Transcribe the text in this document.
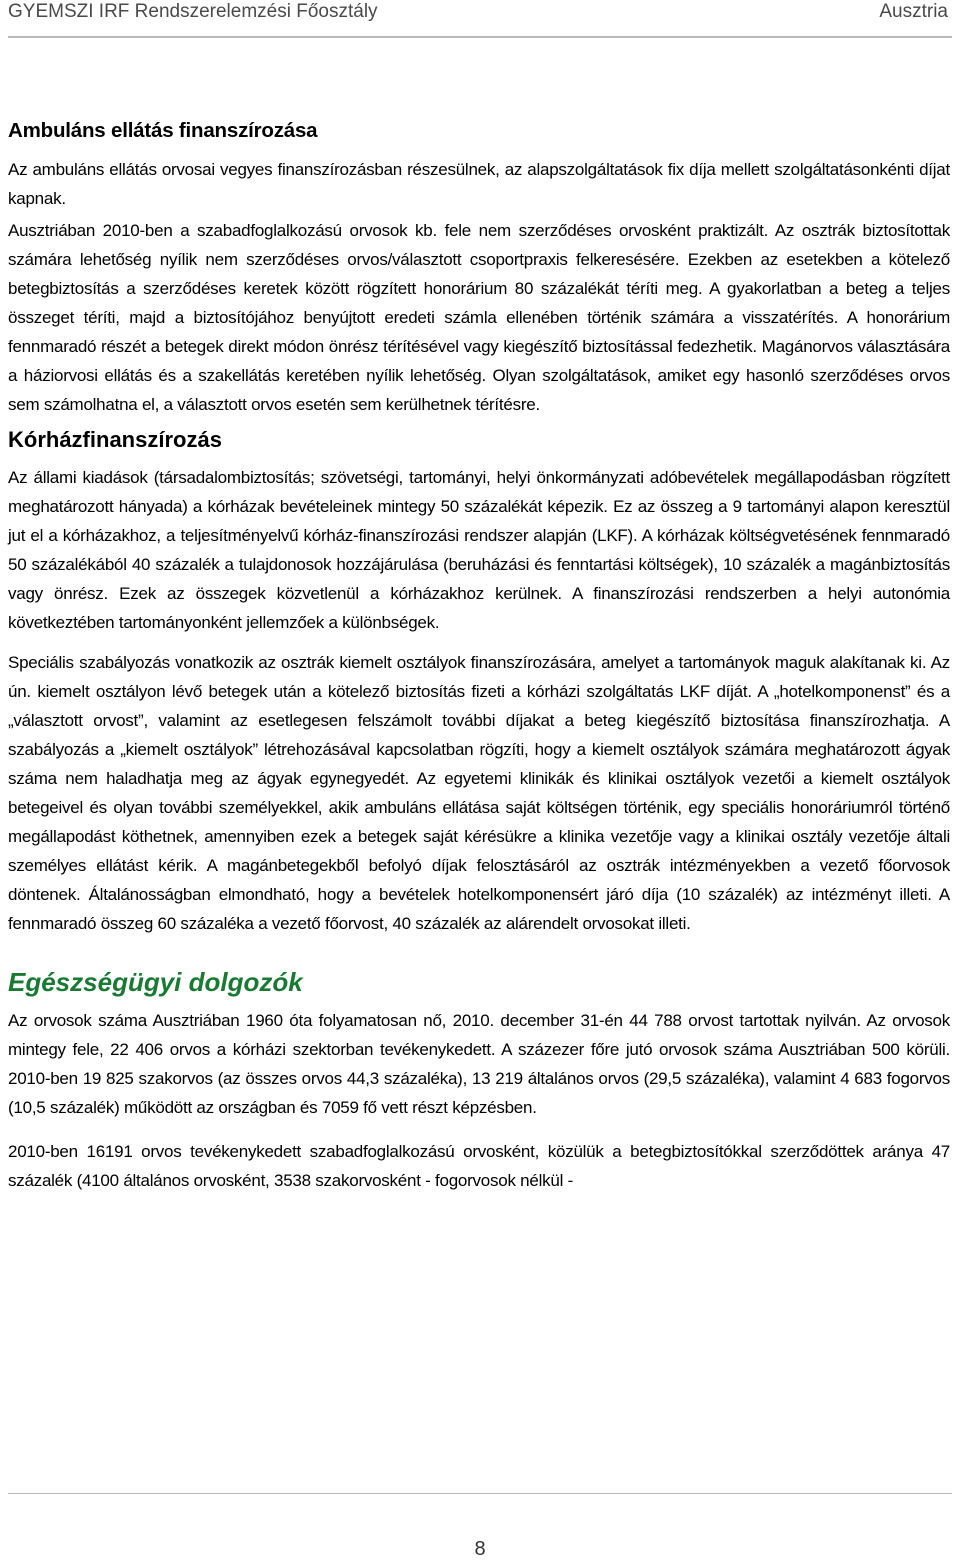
GYEMSZI IRF Rendszerelemzési Főosztály	Ausztria
Ambuláns ellátás finanszírozása

Az ambuláns ellátás orvosai vegyes finanszírozásban részesülnek, az alapszolgáltatások fix díja mellett szolgáltatásonkénti díjat kapnak.

Ausztriában 2010-ben a szabadfoglalkozású orvosok kb. fele nem szerződéses orvosként praktizált. Az osztrák biztosítottak számára lehetőség nyílik nem szerződéses orvos/választott csoportpraxis felkeresésére. Ezekben az esetekben a kötelező betegbiztosítás a szerződéses keretek között rögzített honorárium 80 százalékát téríti meg. A gyakorlatban a beteg a teljes összeget téríti, majd a biztosítójához benyújtott eredeti számla ellenében történik számára a visszatérítés. A honorárium fennmaradó részét a betegek direkt módon önrész térítésével vagy kiegészítő biztosítással fedezhetik. Magánorvos választására a háziorvosi ellátás és a szakellátás keretében nyílik lehetőség. Olyan szolgáltatások, amiket egy hasonló szerződéses orvos sem számolhatna el, a választott orvos esetén sem kerülhetnek térítésre.

Kórházfinanszírozás

Az állami kiadások (társadalombiztosítás; szövetségi, tartományi, helyi önkormányzati adóbevételek megállapodásban rögzített meghatározott hányada) a kórházak bevételeinek mintegy 50 százalékát képezik. Ez az összeg a 9 tartományi alapon keresztül jut el a kórházakhoz, a teljesítményelvű kórház-finanszírozási rendszer alapján (LKF). A kórházak költségvetésének fennmaradó 50 százalékából 40 százalék a tulajdonosok hozzájárulása (beruházási és fenntartási költségek), 10 százalék a magánbiztosítás vagy önrész. Ezek az összegek közvetlenül a kórházakhoz kerülnek. A finanszírozási rendszerben a helyi autonómia következtében tartományonként jellemzőek a különbségek.

Speciális szabályozás vonatkozik az osztrák kiemelt osztályok finanszírozására, amelyet a tartományok maguk alakítanak ki. Az ún. kiemelt osztályon lévő betegek után a kötelező biztosítás fizeti a kórházi szolgáltatás LKF díját. A „hotelkomponenst” és a „választott orvost”, valamint az esetlegesen felszámolt további díjakat a beteg kiegészítő biztosítása finanszírozhatja. A szabályozás a „kiemelt osztályok” létrehozásával kapcsolatban rögzíti, hogy a kiemelt osztályok számára meghatározott ágyak száma nem haladhatja meg az ágyak egynegyedét. Az egyetemi klinikák és klinikai osztályok vezetői a kiemelt osztályok betegeivel és olyan további személyekkel, akik ambuláns ellátása saját költségen történik, egy speciális honoráriumról történő megállapodást köthetnek, amennyiben ezek a betegek saját kérésükre a klinika vezetője vagy a klinikai osztály vezetője általi személyes ellátást kérik. A magánbetegekből befolyó díjak felosztásáról az osztrák intézményekben a vezető főorvosok döntenek. Általánosságban elmondható, hogy a bevételek hotelkomponensért járó díja (10 százalék) az intézményt illeti. A fennmaradó összeg 60 százaléka a vezető főorvost, 40 százalék az alárendelt orvosokat illeti.

Egészségügyi dolgozók

Az orvosok száma Ausztriában 1960 óta folyamatosan nő, 2010. december 31-én 44 788 orvost tartottak nyilván. Az orvosok mintegy fele, 22 406 orvos a kórházi szektorban tevékenykedett. A százezer főre jutó orvosok száma Ausztriában 500 körüli. 2010-ben 19 825 szakorvos (az összes orvos 44,3 százaléka), 13 219 általános orvos (29,5 százaléka), valamint 4 683 fogorvos (10,5 százalék) működött az országban és 7059 fő vett részt képzésben.

2010-ben 16191 orvos tevékenykedett szabadfoglalkozású orvosként, közülük a betegbiztosítókkal szerződöttek aránya 47 százalék (4100 általános orvosként, 3538 szakorvosként - fogorvosok nélkül -

8
